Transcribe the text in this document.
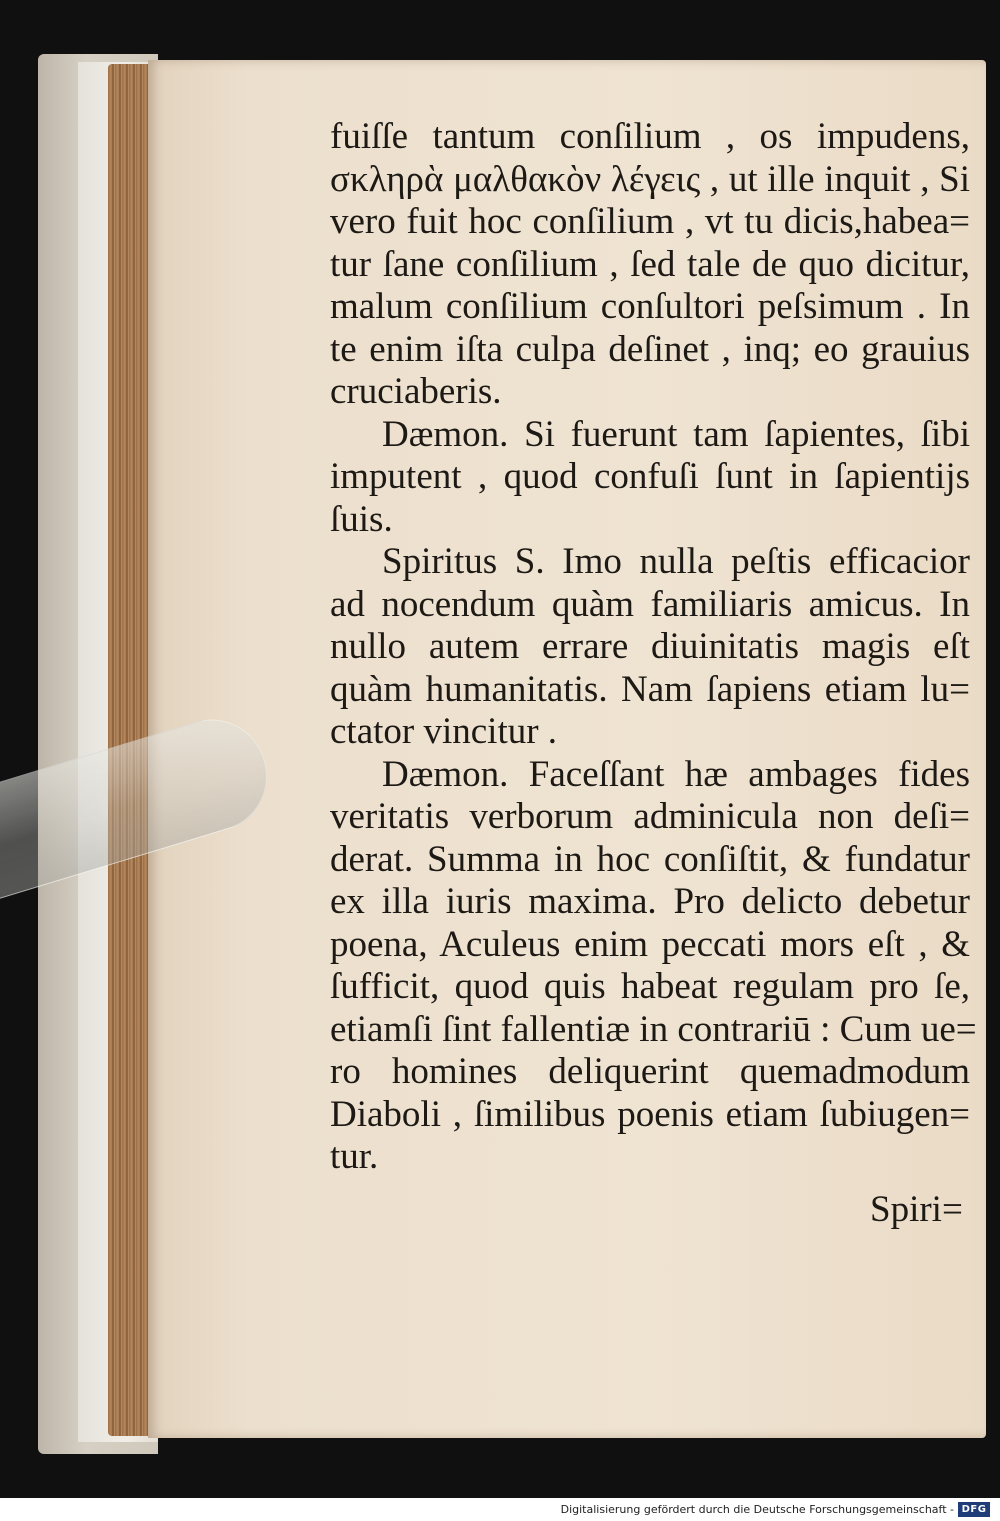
fuiſſe tantum conſilium , os impudens,
σκληρὰ μαλθακὸν λέγεις , ut ille inquit , Si
vero fuit hoc conſilium , vt tu dicis,habea=
tur ſane conſilium , ſed tale de quo dicitur,
malum conſilium conſultori peſsimum . In
te enim iſta culpa deſinet , inq; eo grauius
cruciaberis.
Dæmon. Si fuerunt tam ſapientes, ſibi
imputent , quod confuſi ſunt in ſapientijs
ſuis.
Spiritus S. Imo nulla peſtis efficacior
ad nocendum quàm familiaris amicus. In
nullo autem errare diuinitatis magis eſt
quàm humanitatis. Nam ſapiens etiam lu=
ctator vincitur .
Dæmon. Faceſſant hæ ambages fides
veritatis verborum adminicula non deſi=
derat. Summa in hoc conſiſtit, & fundatur
ex illa iuris maxima. Pro delicto debetur
poena, Aculeus enim peccati mors eſt , &
ſufficit, quod quis habeat regulam pro ſe,
etiamſi ſint fallentiæ in contrariū : Cum ue=
ro homines deliquerint quemadmodum
Diaboli , ſimilibus poenis etiam ſubiugen=
tur.
Spiri=
Digitalisierung gefördert durch die Deutsche Forschungsgemeinschaft - DFG
